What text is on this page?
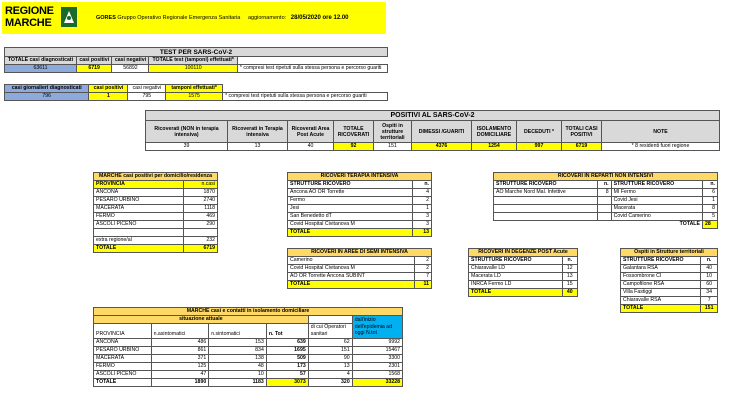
REGIONE
MARCHE	GORES Gruppo Operativo Regionale Emergenza Sanitaria aggiornamento: 28/05/2020 ore 12.00
TEST PER SARS-CoV-2				
TOTALE casi diagnosticati	casi positivi	casi negativi	TOTALE test (tamponi) effettuati*	
63611	6719	56892	100110	* compresi test ripetuti sulla stessa persona e percorso guariti
casi giornalieri diagnosticati	casi positivi	casi negativi	tamponi effettuati*	
796	1	795	1575	* compresi test ripetuti sulla stessa persona e percorso guariti
POSITIVI AL SARS-CoV-2									
Ricoverati (NON in terapia intensiva)	Ricoverati in Terapia intensiva	Ricoverati Area Post Acute	TOTALE RICOVERATI	Ospiti in strutture territoriali	DIMESSI /GUARITI	ISOLAMENTO DOMICILIARE	DECEDUTI *	TOTALI CASI POSITIVI	NOTE
39	13	40	92	151	4376	1254	997	6719	* 8 residenti fuori regione
MARCHE casi positivi per domicilio/residenza	
PROVINCIA	n.casi
ANCONA	1870
PESARO URBINO	2740
MACERATA	1118
FERMO	469
ASCOLI PICENO	290

extra regione/al	232
TOTALE	6719
RICOVERI TERAPIA INTENSIVA	
STRUTTURE RICOVERO	n.
Ancona AO OR Torrette	4
Fermo	2
Jesi	1
San Benedetto dT	3
Covid Hospital Civitanova M	3
TOTALE	13
RICOVERI IN REPARTI NON INTENSIVI			
STRUTTURE RICOVERO	n.	STRUTTURE RICOVERO	n.
AO Marche Nord Mal. Infettive	8	MI Fermo	6
		Covid Jesi	1
		Macerata	8
		Covid Camerino	5
		TOTALE	28
RICOVERI IN AREE DI SEMI INTENSIVA	
Camerino	2
Covid Hospital Civitanova M	2
AO OR Torrette Ancona SUBINT	7
TOTALE	11
RICOVERI IN DEGENZE POST Acute	
STRUTTURE RICOVERO	n.
Chiaravalle LD	12
Macerata LD	13
INRCA Fermo LD	15
TOTALE	40
Ospiti in Strutture territoriali	
STRUTTURE RICOVERO	n.
Galantara RSA	40
Fossombrone CI	10
Campofilone RSA	60
Villa Fastiggi	34
Chiaravalle RSA	7
TOTALE	151
MARCHE casi e contatti in isolamento domiciliare					
situazione attuale					dall'inizio dell'epidemia ad oggi N.tot
PROVINCIA	n.asintomatici	n.sintomatici	n. Tot	di cui Operatori sanitari	

ANCONA	486	153	639	62	9992
PESARO URBINO	861	834	1695	151	15467
MACERATA	371	138	509	90	3300
FERMO	125	48	173	13	2301
ASCOLI PICENO	47	10	57	4	1568
TOTALE	1890	1183	3073	320	33228
